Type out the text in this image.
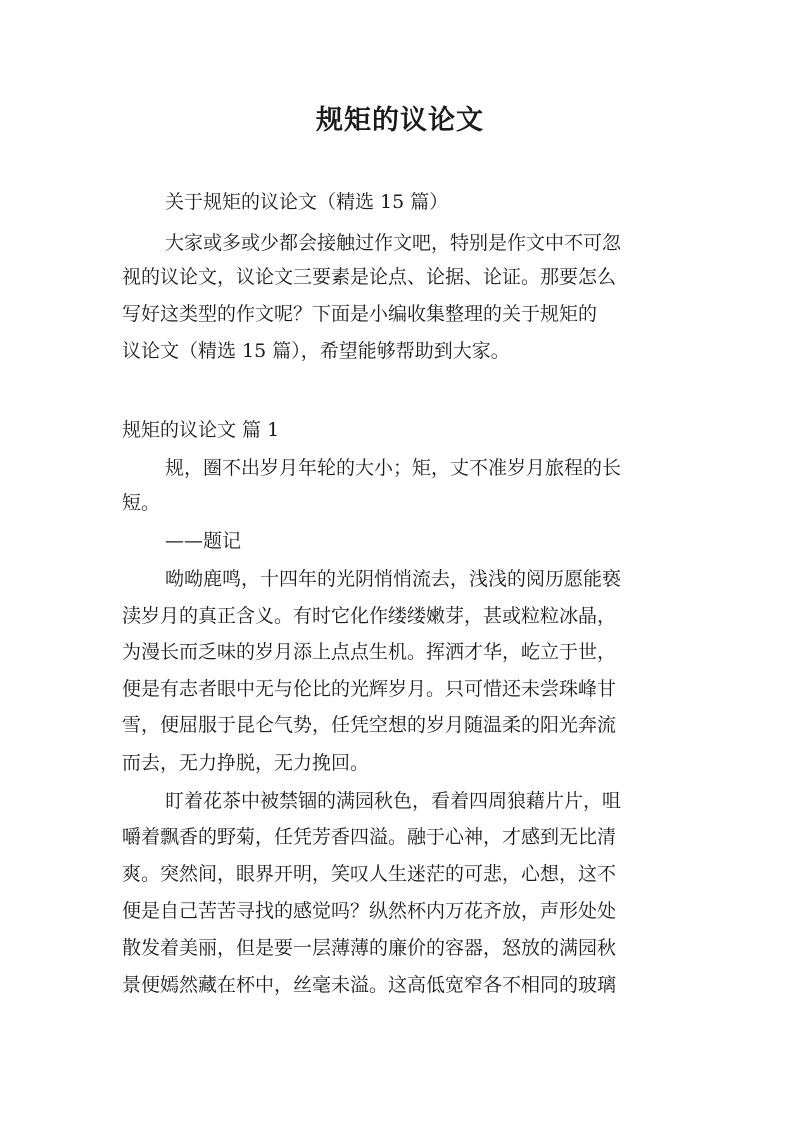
规矩的议论文
关于规矩的议论文（精选 15 篇）
大家或多或少都会接触过作文吧，特别是作文中不可忽
视的议论文，议论文三要素是论点、论据、论证。那要怎么
写好这类型的作文呢？下面是小编收集整理的关于规矩的
议论文（精选 15 篇），希望能够帮助到大家。
规矩的议论文 篇 1
规，圈不出岁月年轮的大小；矩，丈不准岁月旅程的长
短。
——题记
呦呦鹿鸣，十四年的光阴悄悄流去，浅浅的阅历愿能亵
渎岁月的真正含义。有时它化作缕缕嫩芽，甚或粒粒冰晶，
为漫长而乏味的岁月添上点点生机。挥洒才华，屹立于世，
便是有志者眼中无与伦比的光辉岁月。只可惜还未尝珠峰甘
雪，便屈服于昆仑气势，任凭空想的岁月随温柔的阳光奔流
而去，无力挣脱，无力挽回。
盯着花茶中被禁锢的满园秋色，看着四周狼藉片片，咀
嚼着飘香的野菊，任凭芳香四溢。融于心神，才感到无比清
爽。突然间，眼界开明，笑叹人生迷茫的可悲，心想，这不
便是自己苦苦寻找的感觉吗？纵然杯内万花齐放，声形处处
散发着美丽，但是要一层薄薄的廉价的容器，怒放的满园秋
景便嫣然藏在杯中，丝毫未溢。这高低宽窄各不相同的玻璃
